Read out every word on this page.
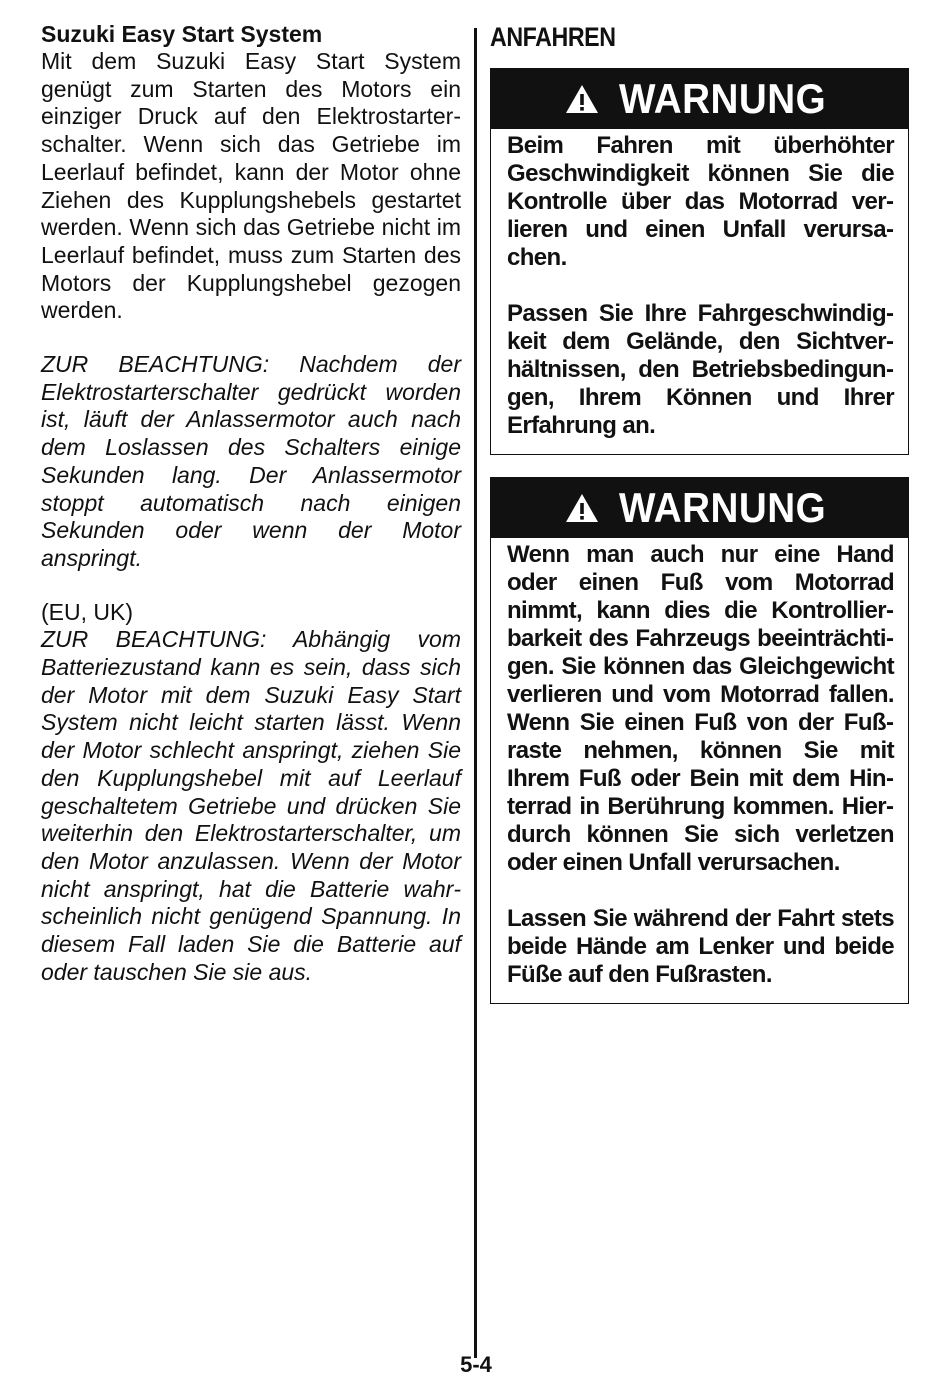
Suzuki Easy Start System

Mit dem Suzuki Easy Start System genügt zum Starten des Motors ein einziger Druck auf den Elektrostarterschalter. Wenn sich das Getriebe im Leerlauf befindet, kann der Motor ohne Ziehen des Kupplungshebels gestartet werden. Wenn sich das Getriebe nicht im Leerlauf befindet, muss zum Starten des Motors der Kupplungshebel gezogen werden.

ZUR BEACHTUNG: Nachdem der Elektrostarterschalter gedrückt worden ist, läuft der Anlassermotor auch nach dem Loslassen des Schalters einige Sekunden lang. Der Anlassermotor stoppt automatisch nach einigen Sekunden oder wenn der Motor anspringt.

(EU, UK)

ZUR BEACHTUNG: Abhängig vom Batteriezustand kann es sein, dass sich der Motor mit dem Suzuki Easy Start System nicht leicht starten lässt. Wenn der Motor schlecht anspringt, ziehen Sie den Kupplungshebel mit auf Leerlauf geschaltetem Getriebe und drücken Sie weiterhin den Elektrostarterschalter, um den Motor anzulassen. Wenn der Motor nicht anspringt, hat die Batterie wahrscheinlich nicht genügend Spannung. In diesem Fall laden Sie die Batterie auf oder tauschen Sie sie aus.

ANFAHREN

WARNUNG

Beim Fahren mit überhöhter Geschwindigkeit können Sie die Kontrolle über das Motorrad verlieren und einen Unfall verursachen.

Passen Sie Ihre Fahrgeschwindigkeit dem Gelände, den Sichtverhältnissen, den Betriebsbedingungen, Ihrem Können und Ihrer Erfahrung an.

WARNUNG

Wenn man auch nur eine Hand oder einen Fuß vom Motorrad nimmt, kann dies die Kontrollierbarkeit des Fahrzeugs beeinträchtigen. Sie können das Gleichgewicht verlieren und vom Motorrad fallen. Wenn Sie einen Fuß von der Fußraste nehmen, können Sie mit Ihrem Fuß oder Bein mit dem Hinterrad in Berührung kommen. Hierdurch können Sie sich verletzen oder einen Unfall verursachen.

Lassen Sie während der Fahrt stets beide Hände am Lenker und beide Füße auf den Fußrasten.

5-4
